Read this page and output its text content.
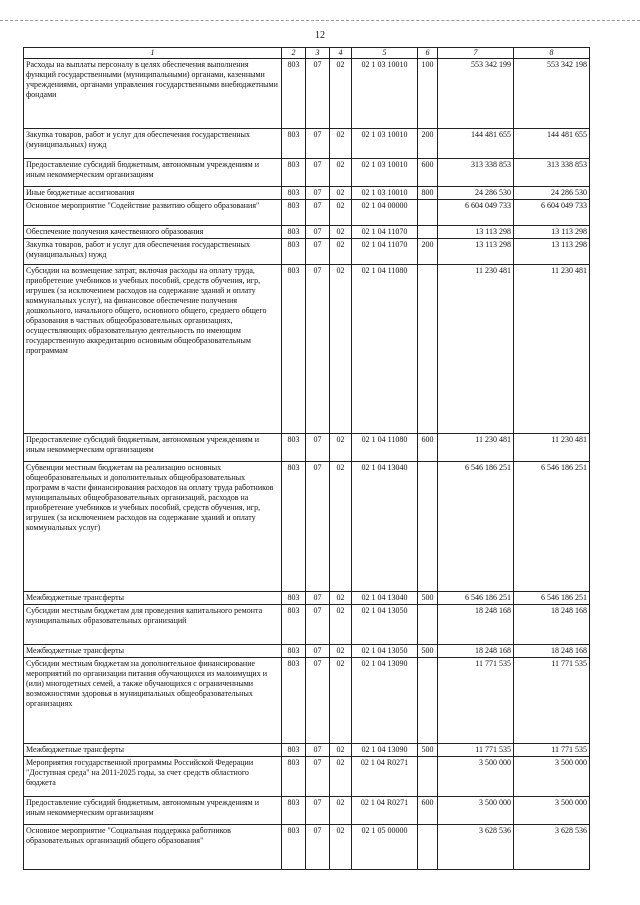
12
1	2	3	4	5	6	7	8
Расходы на выплаты персоналу в целях обеспечения выполнения функций государственными (муниципальными) органами, казенными учреждениями, органами управления государственными внебюджетными фондами	803	07	02	02 1 03 10010	100	553 342 199	553 342 198
Закупка товаров, работ и услуг для обеспечения государственных (муниципальных) нужд	803	07	02	02 1 03 10010	200	144 481 655	144 481 655
Предоставление субсидий бюджетным, автономным учреждениям и иным некоммерческим организациям	803	07	02	02 1 03 10010	600	313 338 853	313 338 853
Иные бюджетные ассигнования	803	07	02	02 1 03 10010	800	24 286 530	24 286 530
Основное мероприятие "Содействие развитию общего образования"	803	07	02	02 1 04 00000		6 604 049 733	6 604 049 733
Обеспечение получения качественного образования	803	07	02	02 1 04 11070		13 113 298	13 113 298
Закупка товаров, работ и услуг для обеспечения государственных (муниципальных) нужд	803	07	02	02 1 04 11070	200	13 113 298	13 113 298
Субсидии на возмещение затрат, включая расходы на оплату труда, приобретение учебников и учебных пособий, средств обучения, игр, игрушек (за исключением расходов на содержание зданий и оплату коммунальных услуг), на финансовое обеспечение получения дошкольного, начального общего, основного общего, среднего общего образования в частных общеобразовательных организациях, осуществляющих образовательную деятельность по имеющим государственную аккредитацию основным общеобразовательным программам	803	07	02	02 1 04 11080		11 230 481	11 230 481
Предоставление субсидий бюджетным, автономным учреждениям и иным некоммерческим организациям	803	07	02	02 1 04 11080	600	11 230 481	11 230 481
Субвенции местным бюджетам на реализацию основных общеобразовательных и дополнительных общеобразовательных программ в части финансирования расходов на оплату труда работников муниципальных общеобразовательных организаций, расходов на приобретение учебников и учебных пособий, средств обучения, игр, игрушек (за исключением расходов на содержание зданий и оплату коммунальных услуг)	803	07	02	02 1 04 13040		6 546 186 251	6 546 186 251
Межбюджетные трансферты	803	07	02	02 1 04 13040	500	6 546 186 251	6 546 186 251
Субсидии местным бюджетам для проведения капитального ремонта муниципальных образовательных организаций	803	07	02	02 1 04 13050		18 248 168	18 248 168
Межбюджетные трансферты	803	07	02	02 1 04 13050	500	18 248 168	18 248 168
Субсидии местным бюджетам на дополнительное финансирование мероприятий по организации питания обучающихся из малоимущих и (или) многодетных семей, а также обучающихся с ограниченными возможностями здоровья в муниципальных общеобразовательных организациях	803	07	02	02 1 04 13090		11 771 535	11 771 535
Межбюджетные трансферты	803	07	02	02 1 04 13090	500	11 771 535	11 771 535
Мероприятия государственной программы Российской Федерации "Доступная среда" на 2011-2025 годы, за счет средств областного бюджета	803	07	02	02 1 04 R0271		3 500 000	3 500 000
Предоставление субсидий бюджетным, автономным учреждениям и иным некоммерческим организациям	803	07	02	02 1 04 R0271	600	3 500 000	3 500 000
Основное мероприятие "Социальная поддержка работников образовательных организаций общего образования"	803	07	02	02 1 05 00000		3 628 536	3 628 536
